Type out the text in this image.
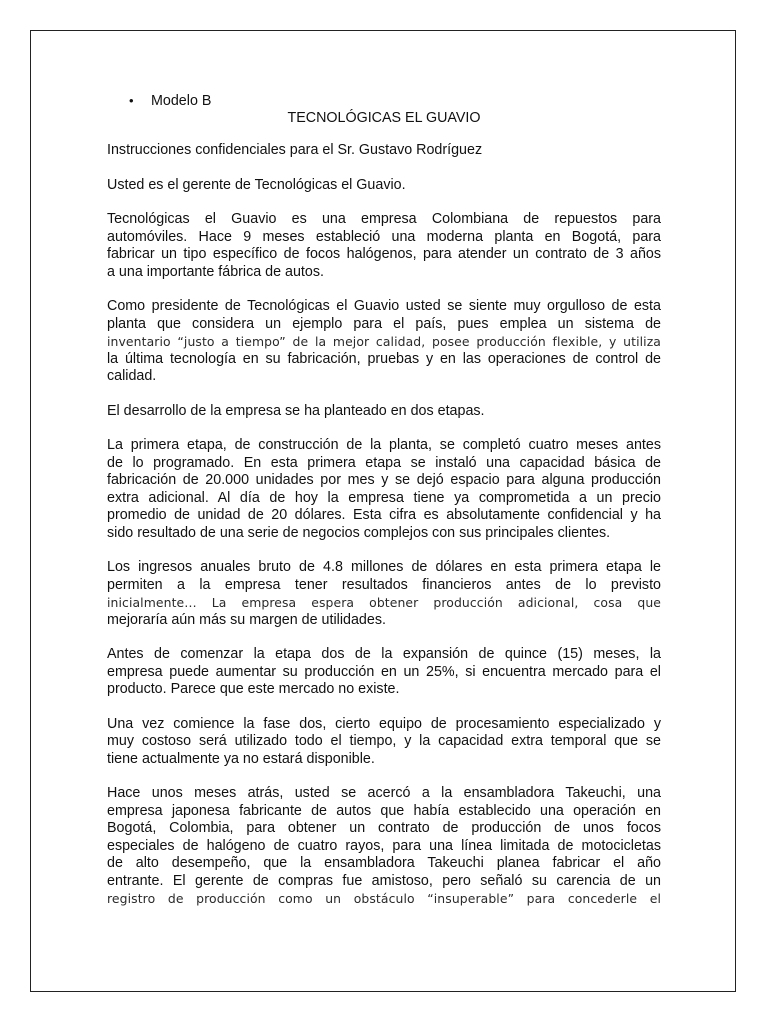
• Modelo B
TECNOLÓGICAS EL GUAVIO
Instrucciones confidenciales para el Sr. Gustavo Rodríguez
Usted es el gerente de Tecnológicas el Guavio.
Tecnológicas el Guavio es una empresa Colombiana de repuestos para
automóviles. Hace 9 meses estableció una moderna planta en Bogotá, para
fabricar un tipo específico de focos halógenos, para atender un contrato de 3 años
a una importante fábrica de autos.
Como presidente de Tecnológicas el Guavio usted se siente muy orgulloso de esta
planta que considera un ejemplo para el país, pues emplea un sistema de
inventario “justo a tiempo” de la mejor calidad, posee producción flexible, y utiliza
la última tecnología en su fabricación, pruebas y en las operaciones de control de
calidad.
El desarrollo de la empresa se ha planteado en dos etapas.
La primera etapa, de construcción de la planta, se completó cuatro meses antes
de lo programado. En esta primera etapa se instaló una capacidad básica de
fabricación de 20.000 unidades por mes y se dejó espacio para alguna producción
extra adicional. Al día de hoy la empresa tiene ya comprometida a un precio
promedio de unidad de 20 dólares. Esta cifra es absolutamente confidencial y ha
sido resultado de una serie de negocios complejos con sus principales clientes.
Los ingresos anuales bruto de 4.8 millones de dólares en esta primera etapa le
permiten a la empresa tener resultados financieros antes de lo previsto
inicialmente… La empresa espera obtener producción adicional, cosa que
mejoraría aún más su margen de utilidades.
Antes de comenzar la etapa dos de la expansión de quince (15) meses, la
empresa puede aumentar su producción en un 25%, si encuentra mercado para el
producto. Parece que este mercado no existe.
Una vez comience la fase dos, cierto equipo de procesamiento especializado y
muy costoso será utilizado todo el tiempo, y la capacidad extra temporal que se
tiene actualmente ya no estará disponible.
Hace unos meses atrás, usted se acercó a la ensambladora Takeuchi, una
empresa japonesa fabricante de autos que había establecido una operación en
Bogotá, Colombia, para obtener un contrato de producción de unos focos
especiales de halógeno de cuatro rayos, para una línea limitada de motocicletas
de alto desempeño, que la ensambladora Takeuchi planea fabricar el año
entrante. El gerente de compras fue amistoso, pero señaló su carencia de un
registro de producción como un obstáculo “insuperable” para concederle el
